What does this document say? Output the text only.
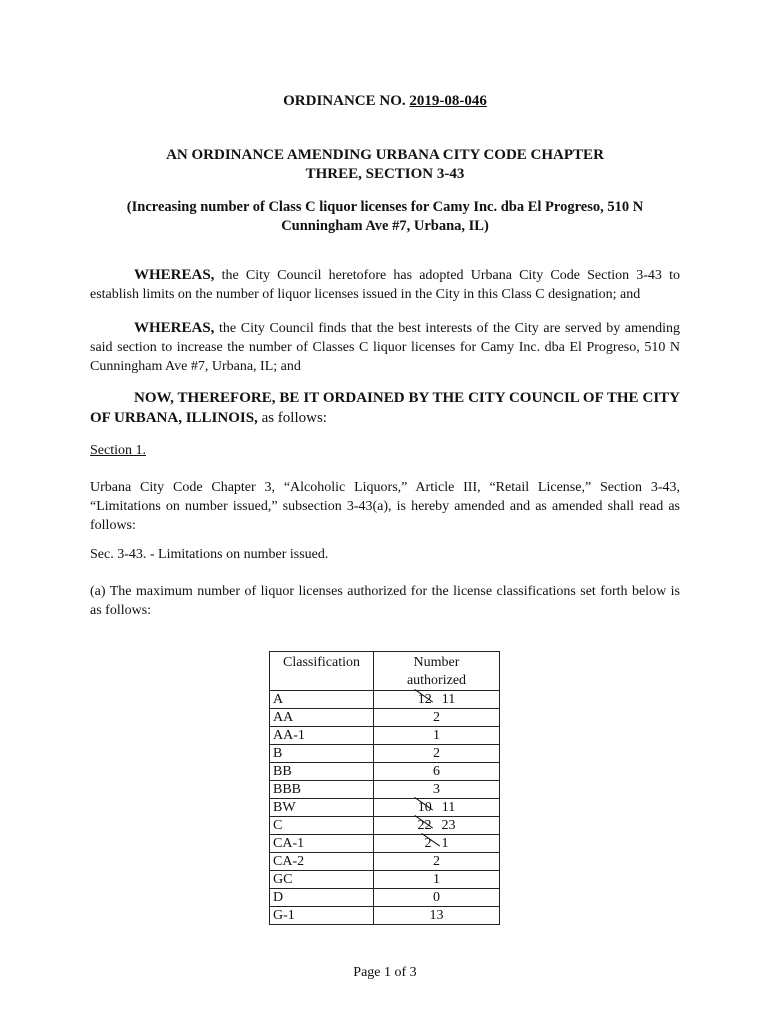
ORDINANCE NO. 2019-08-046
AN ORDINANCE AMENDING URBANA CITY CODE CHAPTER
THREE, SECTION 3-43
(Increasing number of Class C liquor licenses for Camy Inc. dba El Progreso, 510 N
Cunningham Ave #7, Urbana, IL)

WHEREAS, the City Council heretofore has adopted Urbana City Code Section 3-43 to establish limits on the number of liquor licenses issued in the City in this Class C designation; and

WHEREAS, the City Council finds that the best interests of the City are served by amending said section to increase the number of Classes C liquor licenses for Camy Inc. dba El Progreso, 510 N Cunningham Ave #7, Urbana, IL; and

NOW, THEREFORE, BE IT ORDAINED BY THE CITY COUNCIL OF THE CITY OF URBANA, ILLINOIS, as follows:

Section 1.

Urbana City Code Chapter 3, “Alcoholic Liquors,” Article III, “Retail License,” Section 3-43, “Limitations on number issued,” subsection 3-43(a), is hereby amended and as amended shall read as follows:

Sec. 3-43. - Limitations on number issued.

(a) The maximum number of liquor licenses authorized for the license classifications set forth below is as follows:

Classification	Number
authorized

A	12 11
AA	2
AA-1	1
B	2
BB	6
BBB	3
BW	10 11
C	22 23
CA-1	2 1
CA-2	2
GC	1
D	0
G-1	13
Page 1 of 3
